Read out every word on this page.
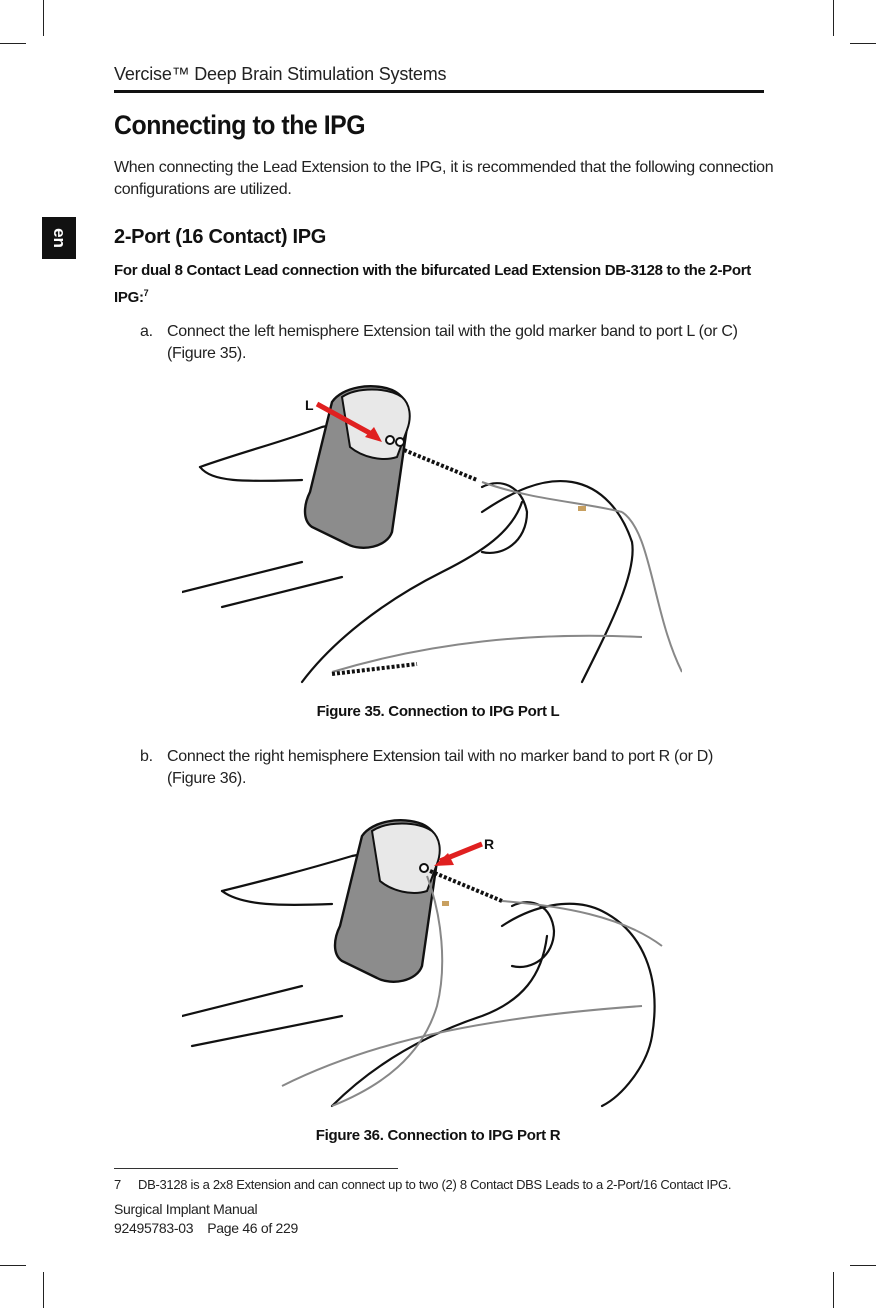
Vercise™ Deep Brain Stimulation Systems
en
Connecting to the IPG
When connecting the Lead Extension to the IPG, it is recommended that the following connection configurations are utilized.
2-Port (16 Contact) IPG
For dual 8 Contact Lead connection with the bifurcated Lead Extension DB-3128 to the 2-Port IPG:$^7$
a. Connect the left hemisphere Extension tail with the gold marker band to port L (or C) (Figure 35).
L
Figure 35. Connection to IPG Port L
b. Connect the right hemisphere Extension tail with no marker band to port R (or D) (Figure 36).
R
Figure 36. Connection to IPG Port R
7 DB-3128 is a 2x8 Extension and can connect up to two (2) 8 Contact DBS Leads to a 2-Port/16 Contact IPG.
Surgical Implant Manual
92495783-03 Page 46 of 229
